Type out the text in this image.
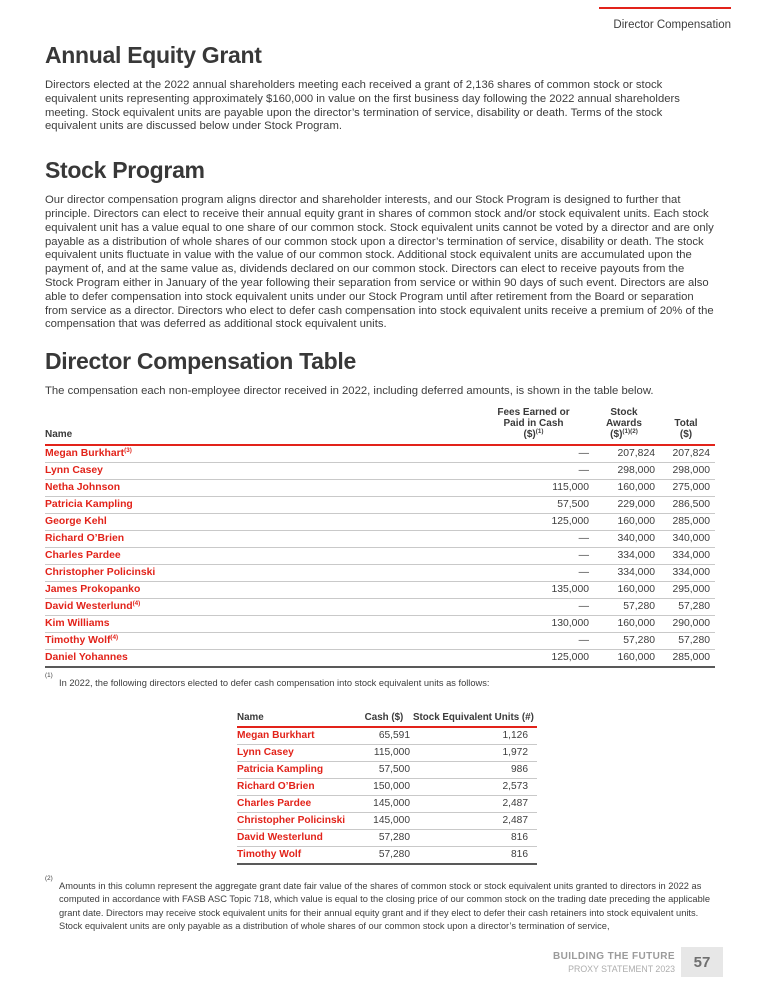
Director Compensation
Annual Equity Grant

Directors elected at the 2022 annual shareholders meeting each received a grant of 2,136 shares of common stock or stock equivalent units representing approximately $160,000 in value on the first business day following the 2022 annual shareholders meeting. Stock equivalent units are payable upon the director’s termination of service, disability or death. Terms of the stock equivalent units are discussed below under Stock Program.

Stock Program

Our director compensation program aligns director and shareholder interests, and our Stock Program is designed to further that principle. Directors can elect to receive their annual equity grant in shares of common stock and/or stock equivalent units. Each stock equivalent unit has a value equal to one share of our common stock. Stock equivalent units cannot be voted by a director and are only payable as a distribution of whole shares of our common stock upon a director’s termination of service, disability or death. The stock equivalent units fluctuate in value with the value of our common stock. Additional stock equivalent units are accumulated upon the payment of, and at the same value as, dividends declared on our common stock. Directors can elect to receive payouts from the Stock Program either in January of the year following their separation from service or within 90 days of such event. Directors are also able to defer compensation into stock equivalent units under our Stock Program until after retirement from the Board or separation from service as a director. Directors who elect to defer cash compensation into stock equivalent units receive a premium of 20% of the compensation that was deferred as additional stock equivalent units.

Director Compensation Table

The compensation each non-employee director received in 2022, including deferred amounts, is shown in the table below.

Name	Fees Earned or
Paid in Cash
($)$^{(1)}$	Stock
Awards
($)$^{(1)(2)}$	Total
($)
Megan Burkhart$^{(3)}$	—	207,824	207,824
Lynn Casey	—	298,000	298,000
Netha Johnson	115,000	160,000	275,000
Patricia Kampling	57,500	229,000	286,500
George Kehl	125,000	160,000	285,000
Richard O’Brien	—	340,000	340,000
Charles Pardee	—	334,000	334,000
Christopher Policinski	—	334,000	334,000
James Prokopanko	135,000	160,000	295,000
David Westerlund$^{(4)}$	—	57,280	57,280
Kim Williams	130,000	160,000	290,000
Timothy Wolf$^{(4)}$	—	57,280	57,280
Daniel Yohannes	125,000	160,000	285,000
(1)
In 2022, the following directors elected to defer cash compensation into stock equivalent units as follows:
Name	Cash ($)	Stock Equivalent Units (#)
Megan Burkhart	65,591	1,126
Lynn Casey	115,000	1,972
Patricia Kampling	57,500	986
Richard O’Brien	150,000	2,573
Charles Pardee	145,000	2,487
Christopher Policinski	145,000	2,487
David Westerlund	57,280	816
Timothy Wolf	57,280	816
(2)
Amounts in this column represent the aggregate grant date fair value of the shares of common stock or stock equivalent units granted to directors in 2022 as computed in accordance with FASB ASC Topic 718, which value is equal to the closing price of our common stock on the trading date preceding the applicable grant date. Directors may receive stock equivalent units for their annual equity grant and if they elect to defer their cash retainers into stock equivalent units. Stock equivalent units are only payable as a distribution of whole shares of our common stock upon a director’s termination of service,
BUILDING THE FUTURE
PROXY STATEMENT 2023 57
